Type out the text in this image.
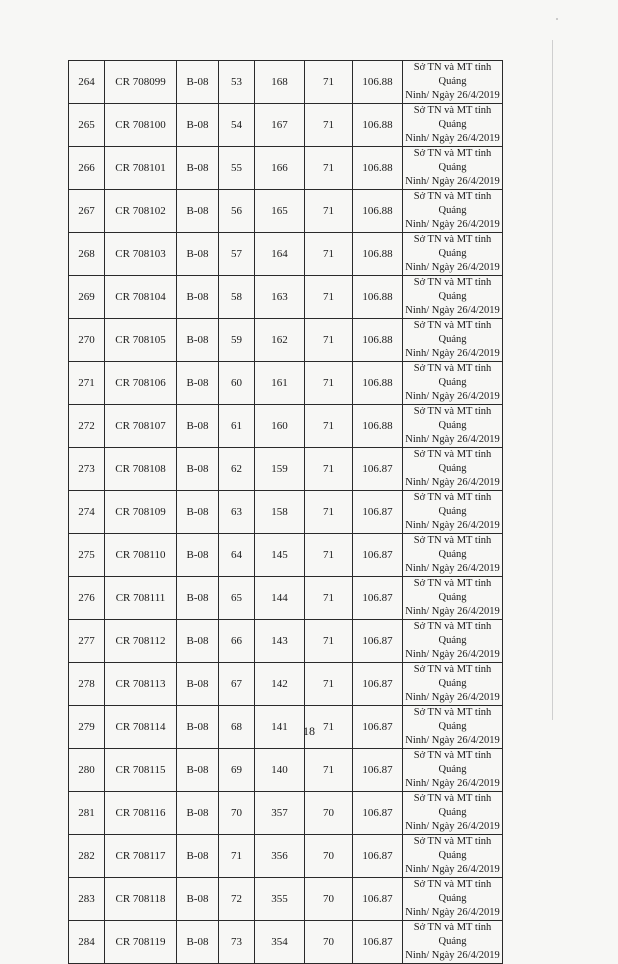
264	CR 708099	B-08	53	168	71	106.88	Sở TN và MT tỉnh Quảng
Ninh/ Ngày 26/4/2019

265	CR 708100	B-08	54	167	71	106.88	Sở TN và MT tỉnh Quảng
Ninh/ Ngày 26/4/2019

266	CR 708101	B-08	55	166	71	106.88	Sở TN và MT tỉnh Quảng
Ninh/ Ngày 26/4/2019

267	CR 708102	B-08	56	165	71	106.88	Sở TN và MT tỉnh Quảng
Ninh/ Ngày 26/4/2019

268	CR 708103	B-08	57	164	71	106.88	Sở TN và MT tỉnh Quảng
Ninh/ Ngày 26/4/2019

269	CR 708104	B-08	58	163	71	106.88	Sở TN và MT tỉnh Quảng
Ninh/ Ngày 26/4/2019

270	CR 708105	B-08	59	162	71	106.88	Sở TN và MT tỉnh Quảng
Ninh/ Ngày 26/4/2019

271	CR 708106	B-08	60	161	71	106.88	Sở TN và MT tỉnh Quảng
Ninh/ Ngày 26/4/2019

272	CR 708107	B-08	61	160	71	106.88	Sở TN và MT tỉnh Quảng
Ninh/ Ngày 26/4/2019

273	CR 708108	B-08	62	159	71	106.87	Sở TN và MT tỉnh Quảng
Ninh/ Ngày 26/4/2019

274	CR 708109	B-08	63	158	71	106.87	Sở TN và MT tỉnh Quảng
Ninh/ Ngày 26/4/2019

275	CR 708110	B-08	64	145	71	106.87	Sở TN và MT tỉnh Quảng
Ninh/ Ngày 26/4/2019

276	CR 708111	B-08	65	144	71	106.87	Sở TN và MT tỉnh Quảng
Ninh/ Ngày 26/4/2019

277	CR 708112	B-08	66	143	71	106.87	Sở TN và MT tỉnh Quảng
Ninh/ Ngày 26/4/2019

278	CR 708113	B-08	67	142	71	106.87	Sở TN và MT tỉnh Quảng
Ninh/ Ngày 26/4/2019

279	CR 708114	B-08	68	141	71	106.87	Sở TN và MT tỉnh Quảng
Ninh/ Ngày 26/4/2019

280	CR 708115	B-08	69	140	71	106.87	Sở TN và MT tỉnh Quảng
Ninh/ Ngày 26/4/2019

281	CR 708116	B-08	70	357	70	106.87	Sở TN và MT tỉnh Quảng
Ninh/ Ngày 26/4/2019

282	CR 708117	B-08	71	356	70	106.87	Sở TN và MT tỉnh Quảng
Ninh/ Ngày 26/4/2019

283	CR 708118	B-08	72	355	70	106.87	Sở TN và MT tỉnh Quảng
Ninh/ Ngày 26/4/2019

284	CR 708119	B-08	73	354	70	106.87	Sở TN và MT tỉnh Quảng
Ninh/ Ngày 26/4/2019
18
